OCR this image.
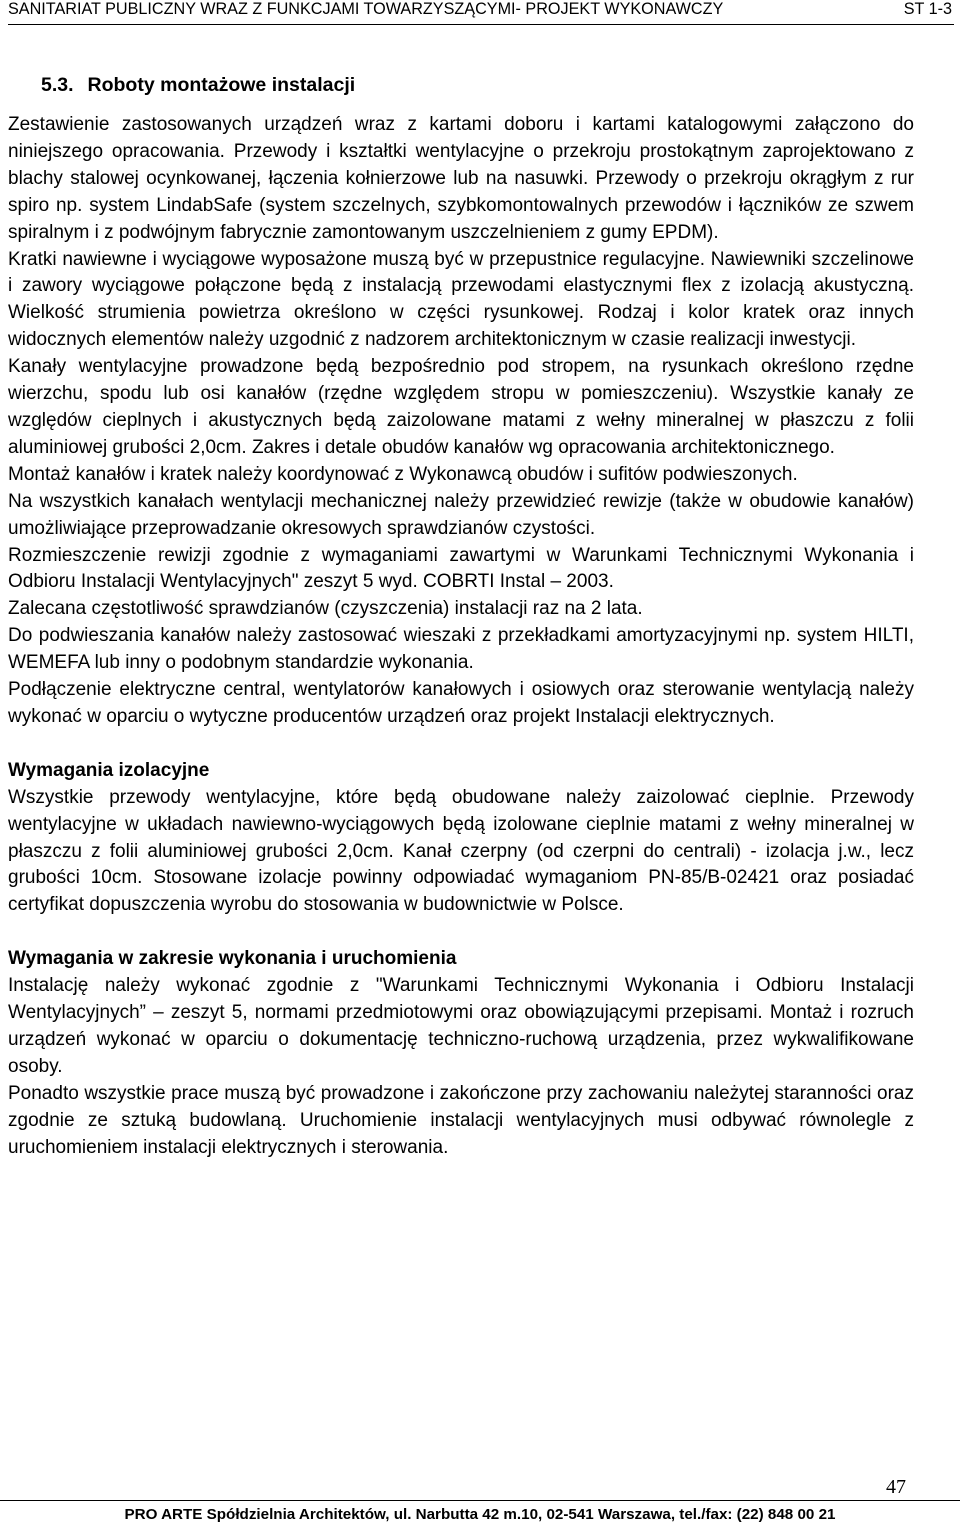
SANITARIAT PUBLICZNY WRAZ Z FUNKCJAMI TOWARZYSZĄCYMI- PROJEKT WYKONAWCZY	ST 1-3
5.3. Roboty montażowe instalacji

Zestawienie zastosowanych urządzeń wraz z kartami doboru i kartami katalogowymi załączono do niniejszego opracowania. Przewody i kształtki wentylacyjne o przekroju prostokątnym zaprojektowano z blachy stalowej ocynkowanej, łączenia kołnierzowe lub na nasuwki. Przewody o przekroju okrągłym z rur spiro np. system LindabSafe (system szczelnych, szybkomontowalnych przewodów i łączników ze szwem spiralnym i z podwójnym fabrycznie zamontowanym uszczelnieniem z gumy EPDM).

Kratki nawiewne i wyciągowe wyposażone muszą być w przepustnice regulacyjne. Nawiewniki szczelinowe i zawory wyciągowe połączone będą z instalacją przewodami elastycznymi flex z izolacją akustyczną. Wielkość strumienia powietrza określono w części rysunkowej. Rodzaj i kolor kratek oraz innych widocznych elementów należy uzgodnić z nadzorem architektonicznym w czasie realizacji inwestycji.

Kanały wentylacyjne prowadzone będą bezpośrednio pod stropem, na rysunkach określono rzędne wierzchu, spodu lub osi kanałów (rzędne względem stropu w pomieszczeniu). Wszystkie kanały ze względów cieplnych i akustycznych będą zaizolowane matami z wełny mineralnej w płaszczu z folii aluminiowej grubości 2,0cm. Zakres i detale obudów kanałów wg opracowania architektonicznego.

Montaż kanałów i kratek należy koordynować z Wykonawcą obudów i sufitów podwieszonych.

Na wszystkich kanałach wentylacji mechanicznej należy przewidzieć rewizje (także w obudowie kanałów) umożliwiające przeprowadzanie okresowych sprawdzianów czystości.

Rozmieszczenie rewizji zgodnie z wymaganiami zawartymi w Warunkami Technicznymi Wykonania i Odbioru Instalacji Wentylacyjnych" zeszyt 5 wyd. COBRTI Instal – 2003.

Zalecana częstotliwość sprawdzianów (czyszczenia) instalacji raz na 2 lata.

Do podwieszania kanałów należy zastosować wieszaki z przekładkami amortyzacyjnymi np. system HILTI, WEMEFA lub inny o podobnym standardzie wykonania.

Podłączenie elektryczne central, wentylatorów kanałowych i osiowych oraz sterowanie wentylacją należy wykonać w oparciu o wytyczne producentów urządzeń oraz projekt Instalacji elektrycznych.

Wymagania izolacyjne

Wszystkie przewody wentylacyjne, które będą obudowane należy zaizolować cieplnie. Przewody wentylacyjne w układach nawiewno-wyciągowych będą izolowane cieplnie matami z wełny mineralnej w płaszczu z folii aluminiowej grubości 2,0cm. Kanał czerpny (od czerpni do centrali) - izolacja j.w., lecz grubości 10cm. Stosowane izolacje powinny odpowiadać wymaganiom PN-85/B-02421 oraz posiadać certyfikat dopuszczenia wyrobu do stosowania w budownictwie w Polsce.

Wymagania w zakresie wykonania i uruchomienia

Instalację należy wykonać zgodnie z "Warunkami Technicznymi Wykonania i Odbioru Instalacji Wentylacyjnych” – zeszyt 5, normami przedmiotowymi oraz obowiązującymi przepisami. Montaż i rozruch urządzeń wykonać w oparciu o dokumentację techniczno-ruchową urządzenia, przez wykwalifikowane osoby.

Ponadto wszystkie prace muszą być prowadzone i zakończone przy zachowaniu należytej staranności oraz zgodnie ze sztuką budowlaną. Uruchomienie instalacji wentylacyjnych musi odbywać równolegle z uruchomieniem instalacji elektrycznych i sterowania.

47
PRO ARTE Spółdzielnia Architektów, ul. Narbutta 42 m.10, 02-541 Warszawa, tel./fax: (22) 848 00 21
